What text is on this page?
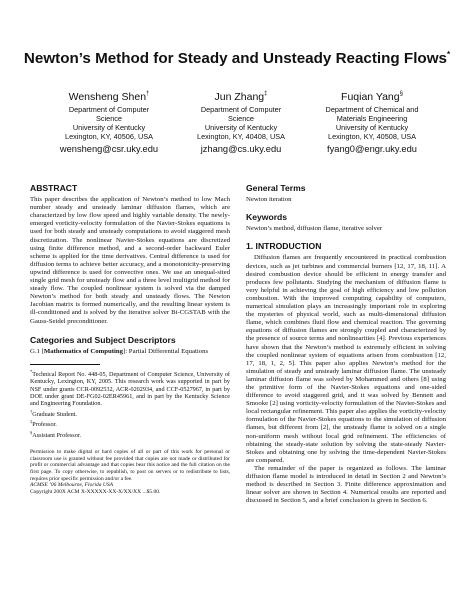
Newton’s Method for Steady and Unsteady Reacting Flows*
Wensheng Shen†
Department of Computer
Science
University of Kentucky
Lexington, KY, 40506, USA
wensheng@csr.uky.edu
Jun Zhang‡
Department of Computer
Science
University of Kentucky
Lexington, KY, 40408, USA
jzhang@cs.uky.edu
Fuqian Yang§
Department of Chemical and
Materials Engineering
University of Kentucky
Lexington, KY, 40508, USA
fyang0@engr.uky.edu
ABSTRACT

This paper describes the application of Newton’s method to low Mach number steady and unsteady laminar diffusion flames, which are characterized by low flow speed and highly variable density. The newly-emerged vorticity-velocity formulation of the Navier-Stokes equations is used for both steady and unsteady computations to avoid staggered mesh discretization. The nonlinear Navier-Stokes equations are discretized using finite difference method, and a second-order backward Euler scheme is applied for the time derivatives. Central difference is used for diffusion terms to achieve better accuracy, and a monotonicity-preserving upwind difference is used for convective ones. We use an unequal-sited single grid mesh for unsteady flow and a three level multigrid method for steady flow. The coupled nonlinear system is solved via the damped Newton’s method for both steady and unsteady flows. The Newton Jacobian matrix is formed numerically, and the resulting linear system is ill-conditioned and is solved by the iterative solver Bi-CGSTAB with the Gauss-Seidel preconditioner.

Categories and Subject Descriptors

G.1 [Mathematics of Computing]: Partial Differential Equations

*Technical Report No. 448-05, Department of Computer Science, University of Kentucky, Lexington, KY, 2005. This research work was supported in part by NSF under grants CCR-0092532, ACR-0202934, and CCF-0527967, in part by DOE under grant DE-FG02-02ER45961, and in part by the Kentucky Science and Engineering Foundation.

†Graduate Student.

‡Professor.

§Assistant Professor.

Permission to make digital or hard copies of all or part of this work for personal or classroom use is granted without fee provided that copies are not made or distributed for profit or commercial advantage and that copies bear this notice and the full citation on the first page. To copy otherwise, to republish, to post on servers or to redistribute to lists, requires prior specific permission and/or a fee.

ACMSE ’06 Melbourne, Florida USA

Copyright 200X ACM X-XXXXX-XX-X/XX/XX ...$5.00.

General Terms

Newton iteration

Keywords

Newton’s method, diffusion flame, iterative solver

1. INTRODUCTION

Diffusion flames are frequently encountered in practical combustion devices, such as jet turbines and commercial burners [12, 17, 18, 11]. A desired combustion device should be efficient in energy transfer and produces few pollutants. Studying the mechanism of diffusion flame is very helpful in achieving the goal of high efficiency and low pollution combustion. With the improved computing capability of computers, numerical simulation plays an increasingly important role in exploring the mysteries of physical world, such as multi-dimensional diffusion flame, which combines fluid flow and chemical reaction. The governing equations of diffusion flames are strongly coupled and characterized by the presence of source terms and nonlinearities [4]. Previous experiences have shown that the Newton’s method is extremely efficient in solving the coupled nonlinear system of equations arisen from combustion [12, 17, 18, 1, 2, 5]. This paper also applies Newton’s method for the simulation of steady and unsteady laminar diffusion flame. The unsteady laminar diffusion flame was solved by Mohammed and others [8] using the primitive form of the Navier-Stokes equations and one-sided difference to avoid staggered grid, and it was solved by Bennett and Smooke [2] using vorticity-velocity formulation of the Navier-Stokes and local rectangular refinement. This paper also applies the vorticity-velocity formulation of the Navier-Stokes equations to the simulation of diffusion flames, but different from [2], the unsteady flame is solved on a single non-uniform mesh without local grid refinement. The efficiencies of obtaining the steady-state solution by solving the state-steady Navier-Stokes and obtaining one by solving the time-dependent Navier-Stokes are compared.

The remainder of the paper is organized as follows. The laminar diffusion flame model is introduced in detail in Section 2 and Newton’s method is described in Section 3. Finite difference approximation and linear solver are shown in Section 4. Numerical results are reported and discussed in Section 5, and a brief conclusion is given in Section 6.
